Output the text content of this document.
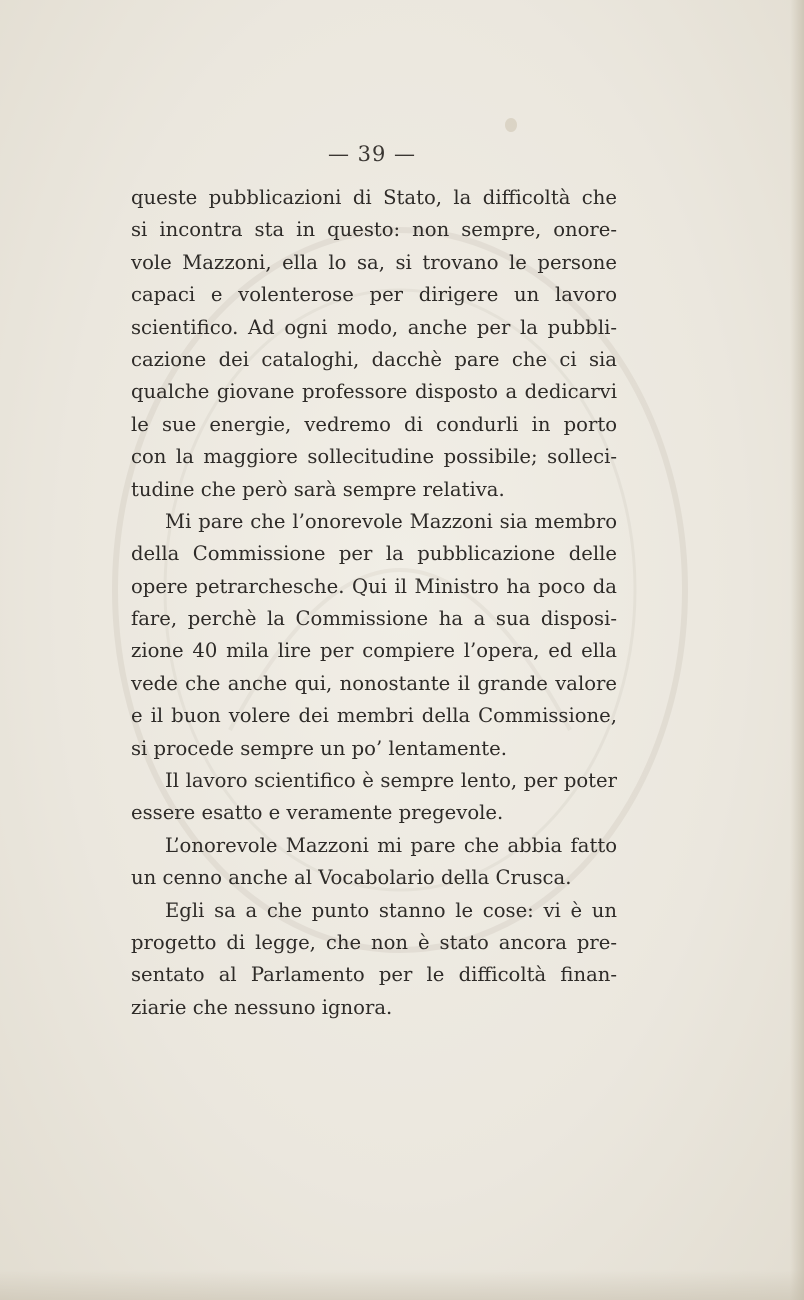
— 39 —
queste pubblicazioni di Stato, la difficoltà che
si incontra sta in questo: non sempre, onore-
vole Mazzoni, ella lo sa, si trovano le persone
capaci e volenterose per dirigere un lavoro
scientifico. Ad ogni modo, anche per la pubbli-
cazione dei cataloghi, dacchè pare che ci sia
qualche giovane professore disposto a dedicarvi
le sue energie, vedremo di condurli in porto
con la maggiore sollecitudine possibile; solleci-
tudine che però sarà sempre relativa.
Mi pare che l’onorevole Mazzoni sia membro
della Commissione per la pubblicazione delle
opere petrarchesche. Qui il Ministro ha poco da
fare, perchè la Commissione ha a sua disposi-
zione 40 mila lire per compiere l’opera, ed ella
vede che anche qui, nonostante il grande valore
e il buon volere dei membri della Commissione,
si procede sempre un po’ lentamente.
Il lavoro scientifico è sempre lento, per poter
essere esatto e veramente pregevole.
L’onorevole Mazzoni mi pare che abbia fatto
un cenno anche al Vocabolario della Crusca.
Egli sa a che punto stanno le cose: vi è un
progetto di legge, che non è stato ancora pre-
sentato al Parlamento per le difficoltà finan-
ziarie che nessuno ignora.
